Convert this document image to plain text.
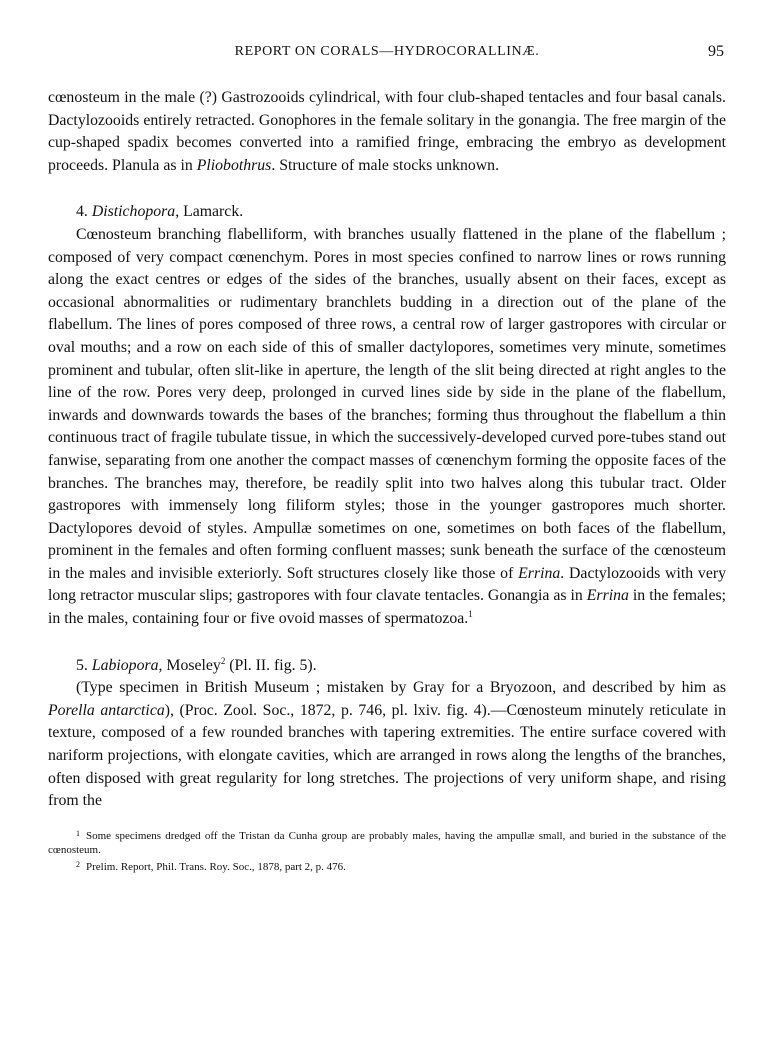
REPORT ON CORALS—HYDROCORALLINÆ.	95

cœnosteum in the male (?) Gastrozooids cylindrical, with four club-shaped tentacles and four basal canals. Dactylozooids entirely retracted. Gonophores in the female solitary in the gonangia. The free margin of the cup-shaped spadix becomes converted into a ramified fringe, embracing the embryo as development proceeds. Planula as in Pliobothrus. Structure of male stocks unknown.

4. Distichopora, Lamarck.

Cœnosteum branching flabelliform, with branches usually flattened in the plane of the flabellum ; composed of very compact cœnenchym. Pores in most species confined to narrow lines or rows running along the exact centres or edges of the sides of the branches, usually absent on their faces, except as occasional abnormalities or rudimentary branchlets budding in a direction out of the plane of the flabellum. The lines of pores composed of three rows, a central row of larger gastropores with circular or oval mouths; and a row on each side of this of smaller dactylopores, sometimes very minute, sometimes prominent and tubular, often slit-like in aperture, the length of the slit being directed at right angles to the line of the row. Pores very deep, prolonged in curved lines side by side in the plane of the flabellum, inwards and downwards towards the bases of the branches; forming thus throughout the flabellum a thin continuous tract of fragile tubulate tissue, in which the successively-developed curved pore-tubes stand out fanwise, separating from one another the compact masses of cœnenchym forming the opposite faces of the branches. The branches may, therefore, be readily split into two halves along this tubular tract. Older gastropores with immensely long filiform styles; those in the younger gastropores much shorter. Dactylopores devoid of styles. Ampullæ sometimes on one, sometimes on both faces of the flabellum, prominent in the females and often forming confluent masses; sunk beneath the surface of the cœnosteum in the males and invisible exteriorly. Soft structures closely like those of Errina. Dactylozooids with very long retractor muscular slips; gastropores with four clavate tentacles. Gonangia as in Errina in the females; in the males, containing four or five ovoid masses of spermatozoa.$^1$

5. Labiopora, Moseley$^2$ (Pl. II. fig. 5).

(Type specimen in British Museum ; mistaken by Gray for a Bryozoon, and described by him as Porella antarctica), (Proc. Zool. Soc., 1872, p. 746, pl. lxiv. fig. 4).—Cœnosteum minutely reticulate in texture, composed of a few rounded branches with tapering extremities. The entire surface covered with nariform projections, with elongate cavities, which are arranged in rows along the lengths of the branches, often disposed with great regularity for long stretches. The projections of very uniform shape, and rising from the

$^1$ Some specimens dredged off the Tristan da Cunha group are probably males, having the ampullæ small, and buried in the substance of the cœnosteum.
$^2$ Prelim. Report, Phil. Trans. Roy. Soc., 1878, part 2, p. 476.
